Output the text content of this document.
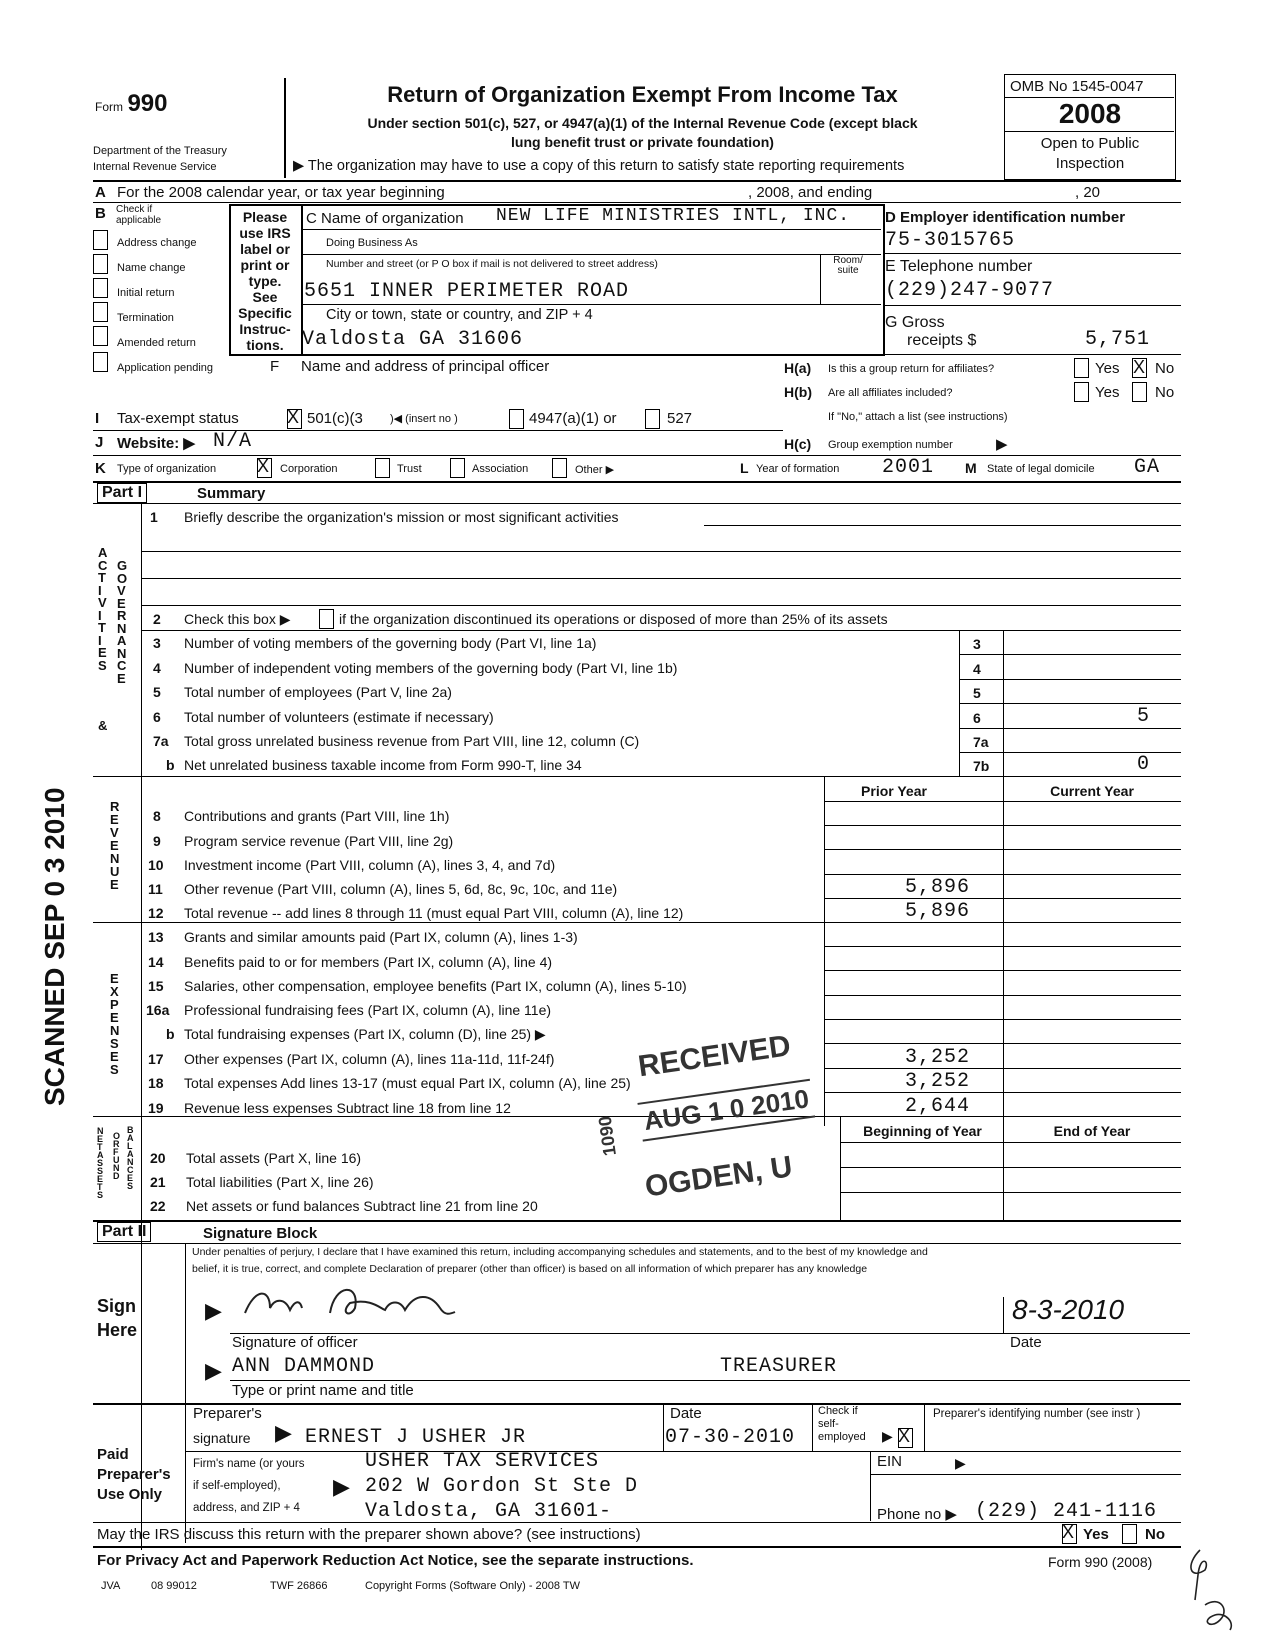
Form 990
Department of the Treasury
Internal Revenue Service
Return of Organization Exempt From Income Tax
Under section 501(c), 527, or 4947(a)(1) of the Internal Revenue Code (except black
lung benefit trust or private foundation)
▶ The organization may have to use a copy of this return to satisfy state reporting requirements
OMB No 1545-0047
2008
Open to Public
Inspection
A For the 2008 calendar year, or tax year beginning	, 2008, and ending	, 20
B Check if
applicable
Address change
Name change
Initial return
Termination
Amended return
Application pending
Please
use IRS
label or
print or
type.
See
Specific
Instruc-
tions.
C Name of organization NEW LIFE MINISTRIES INTL, INC.
Doing Business As
Number and street (or P O box if mail is not delivered to street address)	Room/
suite
5651 INNER PERIMETER ROAD
City or town, state or country, and ZIP + 4
Valdosta GA 31606
D Employer identification number
75-3015765
E Telephone number
(229)247-9077
G Gross
receipts $	5,751
F Name and address of principal officer	H(a) Is this a group return for affiliates?	Yes X No
H(b) Are all affiliates included?	Yes No
If "No," attach a list (see instructions)
I Tax-exempt status	X 501(c)(3 )◀ (insert no )	4947(a)(1) or	527
J Website: ▶ N/A	H(c) Group exemption number	▶
K Type of organization X Corporation	Trust	Association	Other ▶	L Year of formation 2001 M State of legal domicile GA
Part I	Summary
A C T I V I T I E S
&
G O V E R N A N C E
R E V E N U E
E X P E N S E S
N E T A S S E T S
O R F U N D
B A L A N C E S
1 Briefly describe the organization's mission or most significant activities
2 Check this box ▶	if the organization discontinued its operations or disposed of more than 25% of its assets
3 Number of voting members of the governing body (Part VI, line 1a)	3
4 Number of independent voting members of the governing body (Part VI, line 1b)	4
5 Total number of employees (Part V, line 2a)	5
6 Total number of volunteers (estimate if necessary)	6	5
7a Total gross unrelated business revenue from Part VIII, line 12, column (C)	7a
b Net unrelated business taxable income from Form 990-T, line 34	7b	0
Prior Year	Current Year
8 Contributions and grants (Part VIII, line 1h)
9 Program service revenue (Part VIII, line 2g)
10 Investment income (Part VIII, column (A), lines 3, 4, and 7d)
11 Other revenue (Part VIII, column (A), lines 5, 6d, 8c, 9c, 10c, and 11e)	5,896
12 Total revenue -- add lines 8 through 11 (must equal Part VIII, column (A), line 12)	5,896
13 Grants and similar amounts paid (Part IX, column (A), lines 1-3)
14 Benefits paid to or for members (Part IX, column (A), line 4)
15 Salaries, other compensation, employee benefits (Part IX, column (A), lines 5-10)
16a Professional fundraising fees (Part IX, column (A), line 11e)
b Total fundraising expenses (Part IX, column (D), line 25) ▶
17 Other expenses (Part IX, column (A), lines 11a-11d, 11f-24f)	3,252
18 Total expenses Add lines 13-17 (must equal Part IX, column (A), line 25)	3,252
19 Revenue less expenses Subtract line 18 from line 12	2,644
Beginning of Year	End of Year
20 Total assets (Part X, line 16)
21 Total liabilities (Part X, line 26)
22 Net assets or fund balances Subtract line 21 from line 20
RECEIVED
AUG 1 0 2010
OGDEN, U
1090
SCANNED SEP 0 3 2010
Part II	Signature Block
Under penalties of perjury, I declare that I have examined this return, including accompanying schedules and statements, and to the best of my knowledge and
belief, it is true, correct, and complete Declaration of preparer (other than officer) is based on all information of which preparer has any knowledge
Sign
Here
▶	8-3-2010
Signature of officer	Date
▶ ANN DAMMOND	TREASURER
Type or print name and title
Paid
Preparer's
Use Only
Preparer's
signature ▶ ERNEST J USHER JR
Date
07-30-2010
Check if
self-
employed ▶ X
Preparer's identifying number (see instr )
Firm's name (or yours
if self-employed),
address, and ZIP + 4
▶
USHER TAX SERVICES
202 W Gordon St Ste D
Valdosta, GA 31601-
EIN	▶
Phone no ▶ (229) 241-1116
May the IRS discuss this return with the preparer shown above? (see instructions)	X Yes No
For Privacy Act and Paperwork Reduction Act Notice, see the separate instructions.	Form 990 (2008)
JVA	08 99012	TWF 26866	Copyright Forms (Software Only) - 2008 TW
